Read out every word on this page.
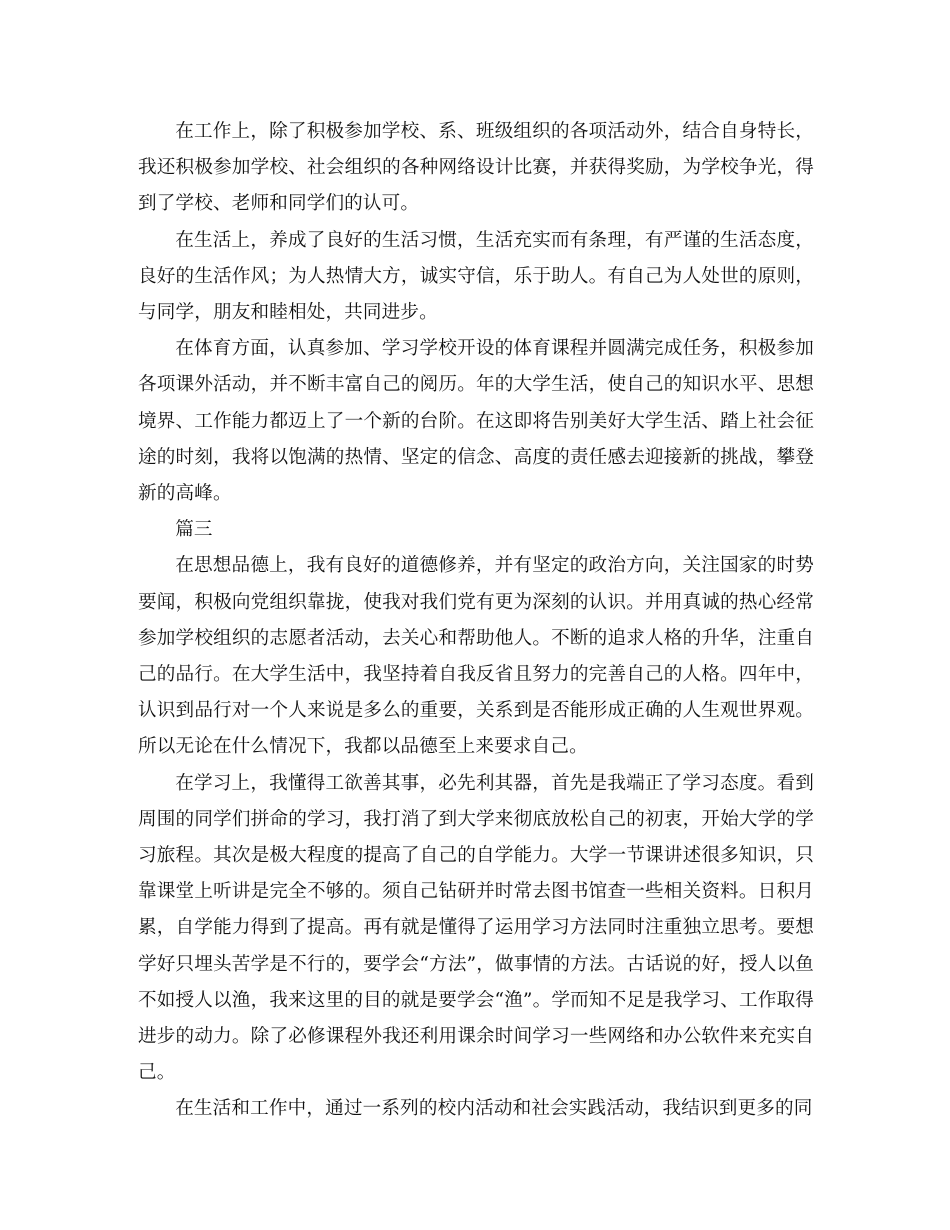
在工作上，除了积极参加学校、系、班级组织的各项活动外，结合自身特长，我还积极参加学校、社会组织的各种网络设计比赛，并获得奖励，为学校争光，得到了学校、老师和同学们的认可。

在生活上，养成了良好的生活习惯，生活充实而有条理，有严谨的生活态度，良好的生活作风；为人热情大方，诚实守信，乐于助人。有自己为人处世的原则，与同学，朋友和睦相处，共同进步。

在体育方面，认真参加、学习学校开设的体育课程并圆满完成任务，积极参加各项课外活动，并不断丰富自己的阅历。年的大学生活，使自己的知识水平、思想境界、工作能力都迈上了一个新的台阶。在这即将告别美好大学生活、踏上社会征途的时刻，我将以饱满的热情、坚定的信念、高度的责任感去迎接新的挑战，攀登新的高峰。

篇三

在思想品德上，我有良好的道德修养，并有坚定的政治方向，关注国家的时势要闻，积极向党组织靠拢，使我对我们党有更为深刻的认识。并用真诚的热心经常参加学校组织的志愿者活动，去关心和帮助他人。不断的追求人格的升华，注重自己的品行。在大学生活中，我坚持着自我反省且努力的完善自己的人格。四年中，认识到品行对一个人来说是多么的重要，关系到是否能形成正确的人生观世界观。所以无论在什么情况下，我都以品德至上来要求自己。

在学习上，我懂得工欲善其事，必先利其器，首先是我端正了学习态度。看到周围的同学们拼命的学习，我打消了到大学来彻底放松自己的初衷，开始大学的学习旅程。其次是极大程度的提高了自己的自学能力。大学一节课讲述很多知识，只靠课堂上听讲是完全不够的。须自己钻研并时常去图书馆查一些相关资料。日积月累，自学能力得到了提高。再有就是懂得了运用学习方法同时注重独立思考。要想学好只埋头苦学是不行的，要学会“方法”，做事情的方法。古话说的好，授人以鱼不如授人以渔，我来这里的目的就是要学会“渔”。学而知不足是我学习、工作取得进步的动力。除了必修课程外我还利用课余时间学习一些网络和办公软件来充实自己。

在生活和工作中，通过一系列的校内活动和社会实践活动，我结识到更多的同
